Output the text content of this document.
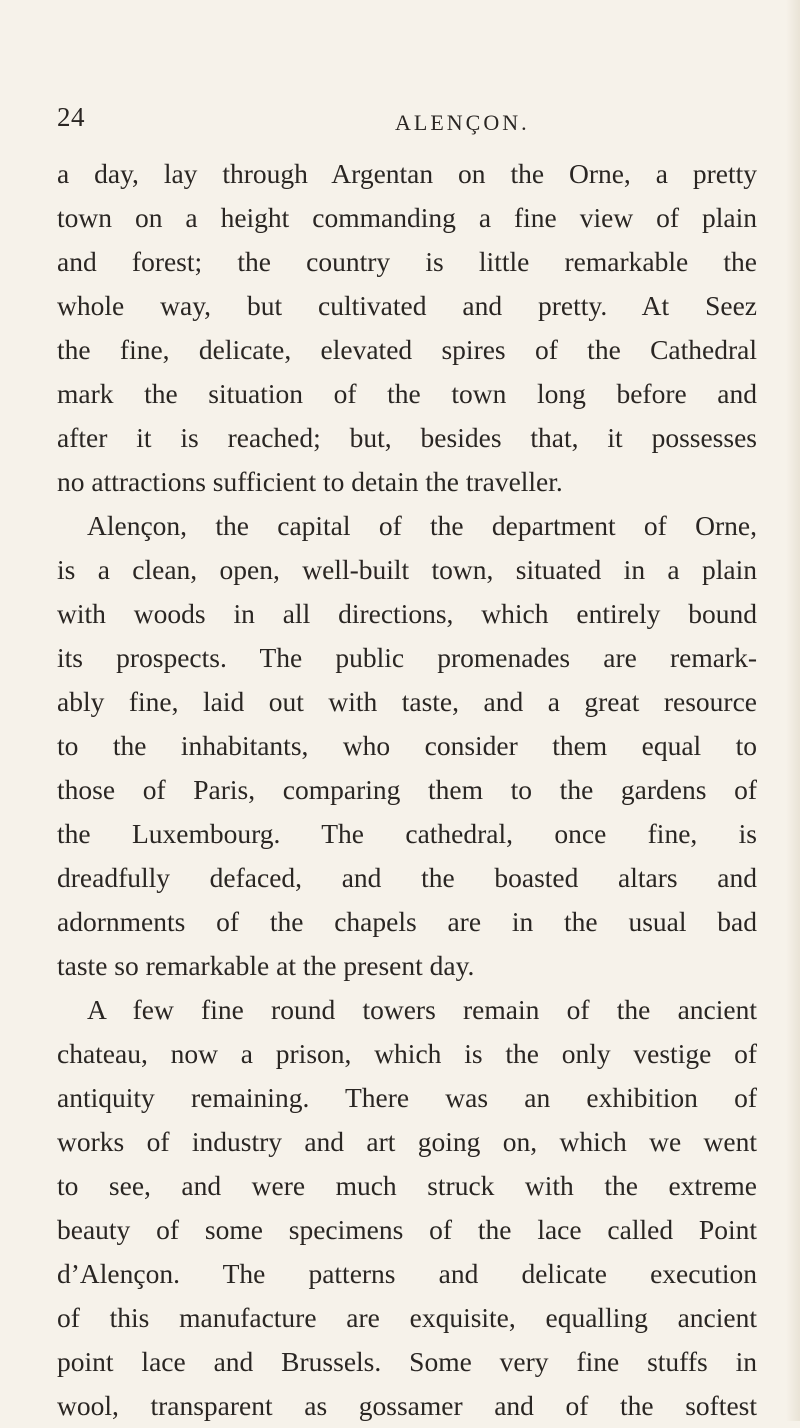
24	ALENÇON.
a day, lay through Argentan on the Orne, a pretty
town on a height commanding a fine view of plain
and forest; the country is little remarkable the
whole way, but cultivated and pretty. At Seez
the fine, delicate, elevated spires of the Cathedral
mark the situation of the town long before and
after it is reached; but, besides that, it possesses
no attractions sufficient to detain the traveller.
Alençon, the capital of the department of Orne,
is a clean, open, well-built town, situated in a plain
with woods in all directions, which entirely bound
its prospects. The public promenades are remark-
ably fine, laid out with taste, and a great resource
to the inhabitants, who consider them equal to
those of Paris, comparing them to the gardens of
the Luxembourg. The cathedral, once fine, is
dreadfully defaced, and the boasted altars and
adornments of the chapels are in the usual bad
taste so remarkable at the present day.
A few fine round towers remain of the ancient
chateau, now a prison, which is the only vestige of
antiquity remaining. There was an exhibition of
works of industry and art going on, which we went
to see, and were much struck with the extreme
beauty of some specimens of the lace called Point
d’Alençon. The patterns and delicate execution
of this manufacture are exquisite, equalling ancient
point lace and Brussels. Some very fine stuffs in
wool, transparent as gossamer and of the softest
